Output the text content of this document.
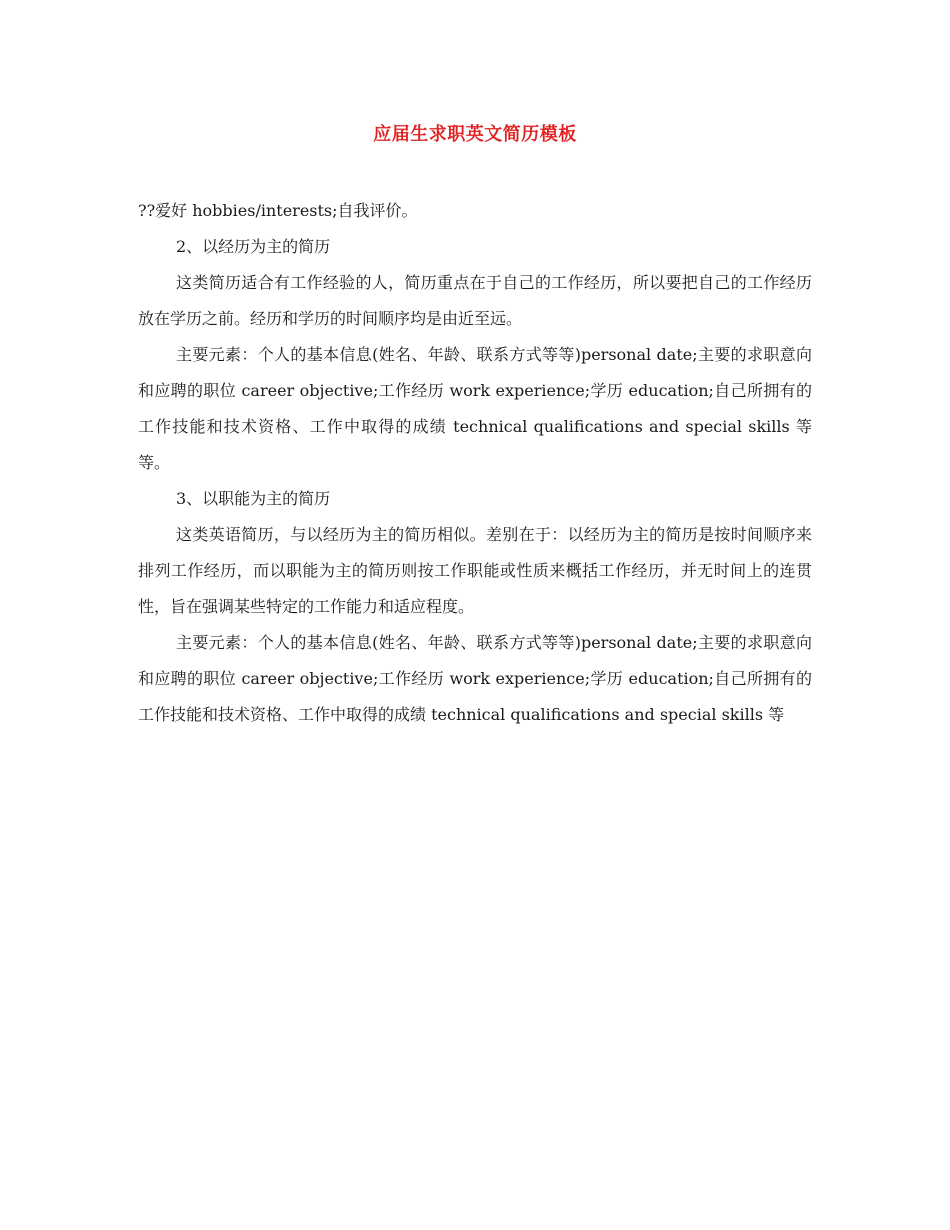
应届生求职英文简历模板

??爱好 hobbies/interests;自我评价。

2、以经历为主的简历

这类简历适合有工作经验的人，简历重点在于自己的工作经历，所以要把自己的工作经历放在学历之前。经历和学历的时间顺序均是由近至远。

主要元素：个人的基本信息(姓名、年龄、联系方式等等)personal date;主要的求职意向和应聘的职位 career objective;工作经历 work experience;学历 education;自己所拥有的工作技能和技术资格、工作中取得的成绩 technical qualifications and special skills 等等。

3、以职能为主的简历

这类英语简历，与以经历为主的简历相似。差别在于：以经历为主的简历是按时间顺序来排列工作经历，而以职能为主的简历则按工作职能或性质来概括工作经历，并无时间上的连贯性，旨在强调某些特定的工作能力和适应程度。

主要元素：个人的基本信息(姓名、年龄、联系方式等等)personal date;主要的求职意向和应聘的职位 career objective;工作经历 work experience;学历 education;自己所拥有的工作技能和技术资格、工作中取得的成绩 technical qualifications and special skills 等
